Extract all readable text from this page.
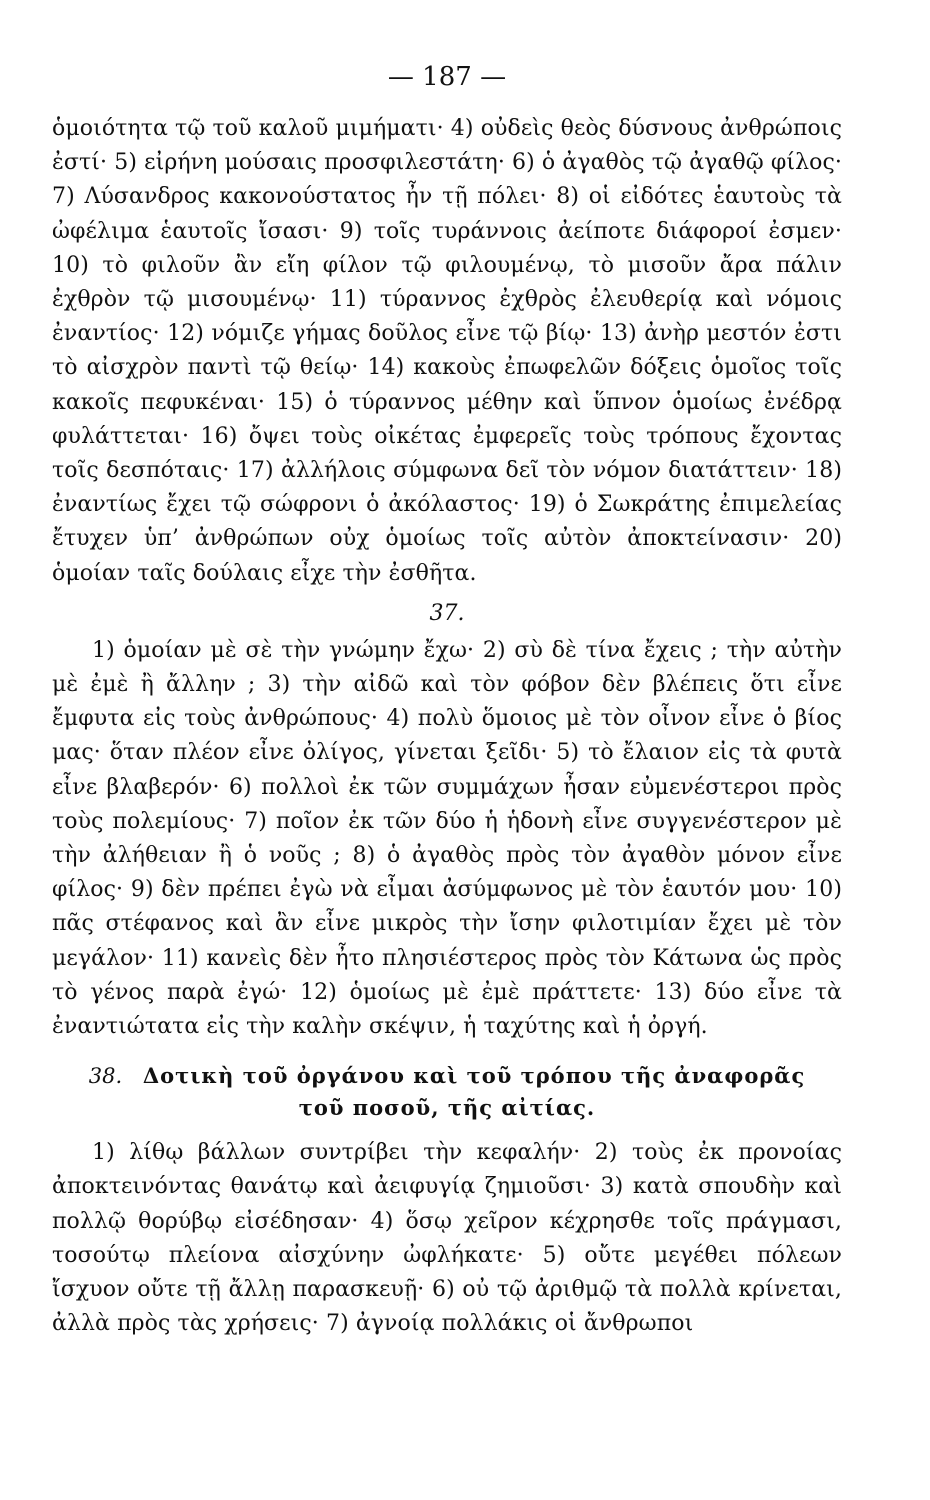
— 187 —

ὁμοιότητα τῷ τοῦ καλοῦ μιμήματι· 4) οὐδεὶς θεὸς δύσνους ἀνθρώποις ἐστί· 5) εἰρήνη μούσαις προσφιλεστάτη· 6) ὁ ἀγαθὸς τῷ ἀγαθῷ φίλος· 7) Λύσανδρος κακονούστατος ἦν τῇ πόλει· 8) οἱ εἰδότες ἑαυτοὺς τὰ ὠφέλιμα ἑαυτοῖς ἴσασι· 9) τοῖς τυράννοις ἀείποτε διάφοροί ἐσμεν· 10) τὸ φιλοῦν ἂν εἴη φίλον τῷ φιλουμένῳ, τὸ μισοῦν ἄρα πάλιν ἐχθρὸν τῷ μισουμένῳ· 11) τύραννος ἐχθρὸς ἐλευθερίᾳ καὶ νόμοις ἐναντίος· 12) νόμιζε γήμας δοῦλος εἶνε τῷ βίῳ· 13) ἀνὴρ μεστόν ἐστι τὸ αἰσχρὸν παντὶ τῷ θείῳ· 14) κακοὺς ἐπωφελῶν δόξεις ὁμοῖος τοῖς κακοῖς πεφυκέναι· 15) ὁ τύραννος μέθην καὶ ὕπνον ὁμοίως ἐνέδρᾳ φυλάττεται· 16) ὄψει τοὺς οἰκέτας ἐμφερεῖς τοὺς τρόπους ἔχοντας τοῖς δεσπόταις· 17) ἀλλήλοις σύμφωνα δεῖ τὸν νόμον διατάττειν· 18) ἐναντίως ἔχει τῷ σώφρονι ὁ ἀκόλαστος· 19) ὁ Σωκράτης ἐπιμελείας ἔτυχεν ὑπ’ ἀνθρώπων οὐχ ὁμοίως τοῖς αὐτὸν ἀποκτείνασιν· 20) ὁμοίαν ταῖς δούλαις εἶχε τὴν ἐσθῆτα.

37.

1) ὁμοίαν μὲ σὲ τὴν γνώμην ἔχω· 2) σὺ δὲ τίνα ἔχεις ; τὴν αὐτὴν μὲ ἐμὲ ἢ ἄλλην ; 3) τὴν αἰδῶ καὶ τὸν φόβον δὲν βλέπεις ὅτι εἶνε ἔμφυτα εἰς τοὺς ἀνθρώπους· 4) πολὺ ὅμοιος μὲ τὸν οἶνον εἶνε ὁ βίος μας· ὅταν πλέον εἶνε ὀλίγος, γίνεται ξεῖδι· 5) τὸ ἔλαιον εἰς τὰ φυτὰ εἶνε βλαβερόν· 6) πολλοὶ ἐκ τῶν συμμάχων ἦσαν εὐμενέστεροι πρὸς τοὺς πολεμίους· 7) ποῖον ἐκ τῶν δύο ἡ ἡδονὴ εἶνε συγγενέστερον μὲ τὴν ἀλήθειαν ἢ ὁ νοῦς ; 8) ὁ ἀγαθὸς πρὸς τὸν ἀγαθὸν μόνον εἶνε φίλος· 9) δὲν πρέπει ἐγὼ νὰ εἶμαι ἀσύμφωνος μὲ τὸν ἑαυτόν μου· 10) πᾶς στέφανος καὶ ἂν εἶνε μικρὸς τὴν ἴσην φιλοτιμίαν ἔχει μὲ τὸν μεγάλον· 11) κανεὶς δὲν ἦτο πλησιέστερος πρὸς τὸν Κάτωνα ὡς πρὸς τὸ γένος παρὰ ἐγώ· 12) ὁμοίως μὲ ἐμὲ πράττετε· 13) δύο εἶνε τὰ ἐναντιώτατα εἰς τὴν καλὴν σκέψιν, ἡ ταχύτης καὶ ἡ ὀργή.

38. Δοτικὴ τοῦ ὀργάνου καὶ τοῦ τρόπου τῆς ἀναφορᾶς
τοῦ ποσοῦ, τῆς αἰτίας.

1) λίθῳ βάλλων συντρίβει τὴν κεφαλήν· 2) τοὺς ἐκ προνοίας ἀποκτεινόντας θανάτῳ καὶ ἀειφυγίᾳ ζημιοῦσι· 3) κατὰ σπουδὴν καὶ πολλῷ θορύβῳ εἰσέδησαν· 4) ὅσῳ χεῖρον κέχρησθε τοῖς πράγμασι, τοσούτῳ πλείονα αἰσχύνην ὠφλήκατε· 5) οὔτε μεγέθει πόλεων ἴσχυον οὔτε τῇ ἄλλῃ παρασκευῇ· 6) οὐ τῷ ἀριθμῷ τὰ πολλὰ κρίνεται, ἀλλὰ πρὸς τὰς χρήσεις· 7) ἀγνοίᾳ πολλάκις οἱ ἄνθρωποι
